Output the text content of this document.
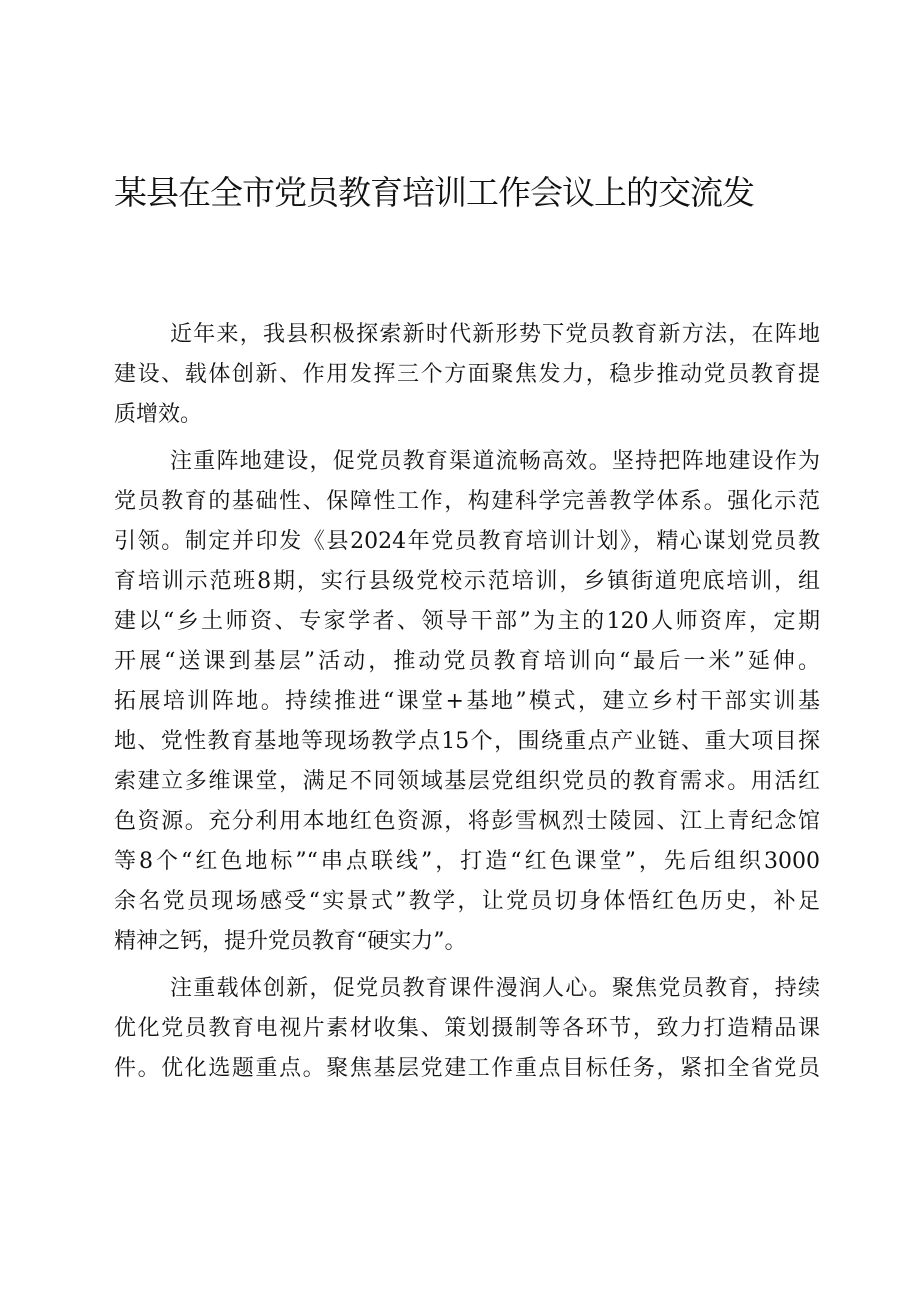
某县在全市党员教育培训工作会议上的交流发

近年来，我县积极探索新时代新形势下党员教育新方法，在阵地
建设、载体创新、作用发挥三个方面聚焦发力，稳步推动党员教育提
质增效。

注重阵地建设，促党员教育渠道流畅高效。坚持把阵地建设作为
党员教育的基础性、保障性工作，构建科学完善教学体系。强化示范
引领。制定并印发《县2024年党员教育培训计划》，精心谋划党员教
育培训示范班8期，实行县级党校示范培训，乡镇街道兜底培训，组
建以“乡土师资、专家学者、领导干部”为主的120人师资库，定期
开展“送课到基层”活动，推动党员教育培训向“最后一米”延伸。
拓展培训阵地。持续推进“课堂+基地”模式，建立乡村干部实训基
地、党性教育基地等现场教学点15个，围绕重点产业链、重大项目探
索建立多维课堂，满足不同领域基层党组织党员的教育需求。用活红
色资源。充分利用本地红色资源，将彭雪枫烈士陵园、江上青纪念馆
等8个“红色地标”“串点联线”，打造“红色课堂”，先后组织3000
余名党员现场感受“实景式”教学，让党员切身体悟红色历史，补足
精神之钙，提升党员教育“硬实力”。

注重载体创新，促党员教育课件漫润人心。聚焦党员教育，持续
优化党员教育电视片素材收集、策划摄制等各环节，致力打造精品课
件。优化选题重点。聚焦基层党建工作重点目标任务，紧扣全省党员
